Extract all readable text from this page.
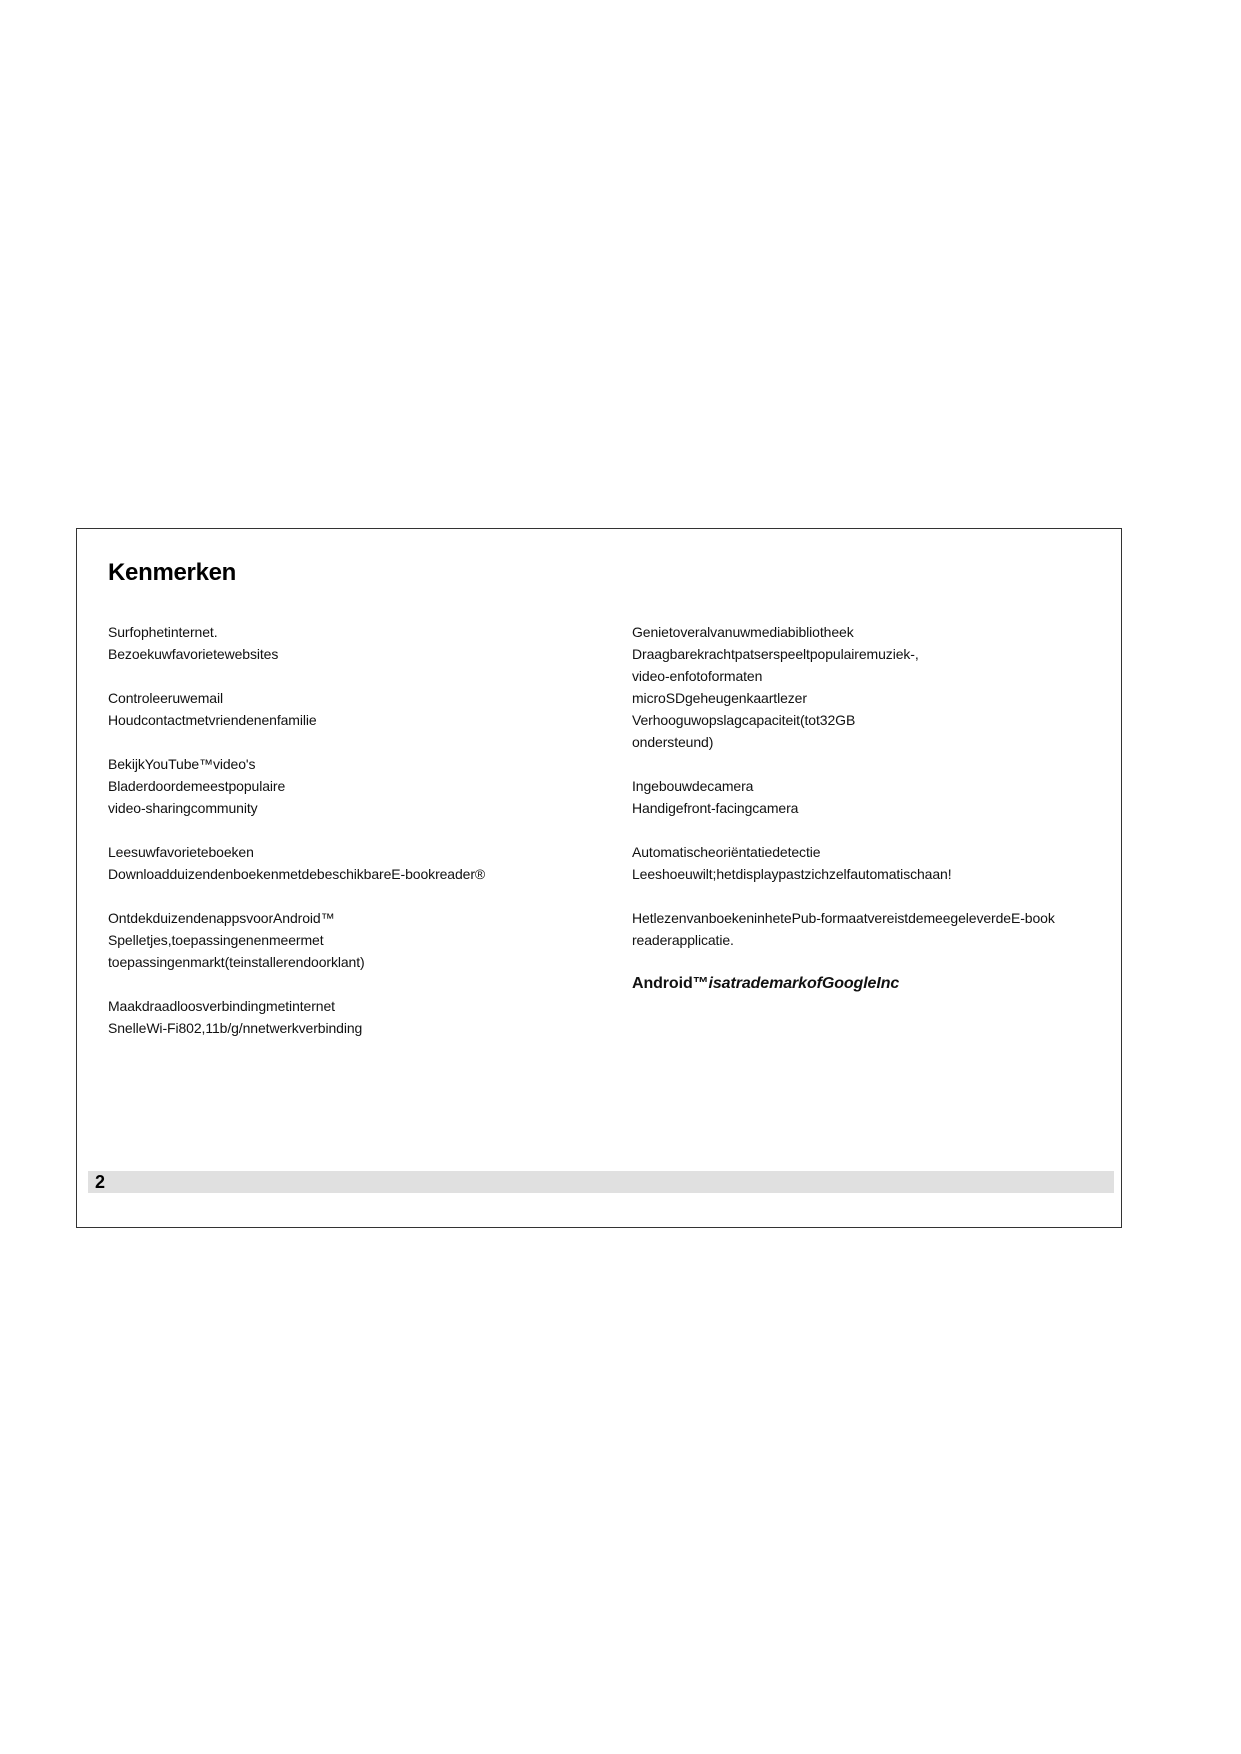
Kenmerken
Surfophetinternet.
Bezoekuwfavorietewebsites
Controleeruwemail
Houdcontactmetvriendenenfamilie
BekijkYouTube™video's
Bladerdoordemeestpopulaire
video-sharingcommunity
Leesuwfavorieteboeken
DownloadduizendenboekenmetdebeschikbareE-bookreader®
OntdekduizendenappsvoorAndroid™
Spelletjes,toepassingenenmeermet
toepassingenmarkt(teinstallerendoorklant)
Maakdraadloosverbindingmetinternet
SnelleWi-Fi802,11b/g/nnetwerkverbinding
Genietoveralvanuwmediabibliotheek
Draagbarekrachtpatserspeeltpopulairemuziek-,
video-enfotoformaten
microSDgeheugenkaartlezer
Verhooguwopslagcapaciteit(tot32GB
ondersteund)
Ingebouwdecamera
Handigefront-facingcamera
Automatischeoriëntatiedetectie
Leeshoeuwilt;hetdisplaypastzichzelfautomatischaan!
HetlezenvanboekeninhetePub-formaatvereistdemeegeleverdeE-book
readerapplicatie.
Android™isatrademarkofGoogleInc
2
